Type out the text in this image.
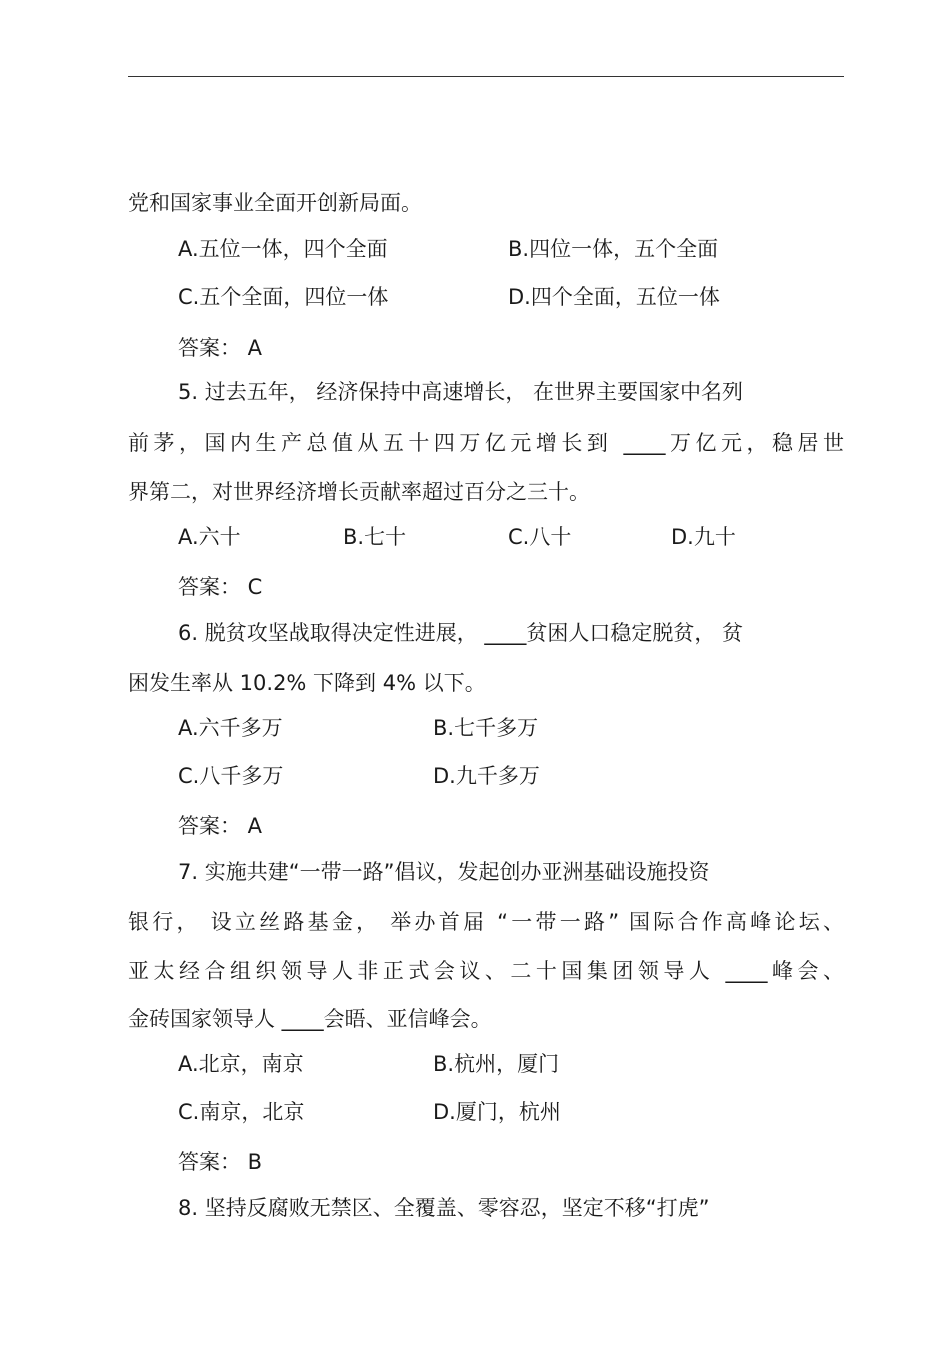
党和国家事业全面开创新局面。
A.五位一体，四个全面	B.四位一体，五个全面
C.五个全面，四位一体	D.四个全面，五位一体
答案： A
5. 过去五年， 经济保持中高速增长， 在世界主要国家中名列
前茅，国内生产总值从五十四万亿元增长到 ____万亿元，稳居世
界第二，对世界经济增长贡献率超过百分之三十。
A.六十	B.七十	C.八十	D.九十
答案： C
6. 脱贫攻坚战取得决定性进展， ____贫困人口稳定脱贫， 贫
困发生率从 10.2% 下降到 4% 以下。
A.六千多万	B.七千多万
C.八千多万	D.九千多万
答案： A
7. 实施共建“一带一路”倡议，发起创办亚洲基础设施投资
银行， 设立丝路基金， 举办首届 “一带一路” 国际合作高峰论坛、
亚太经合组织领导人非正式会议、二十国集团领导人 ____峰会、
金砖国家领导人 ____会晤、亚信峰会。
A.北京，南京	B.杭州，厦门
C.南京，北京	D.厦门，杭州
答案： B
8. 坚持反腐败无禁区、全覆盖、零容忍，坚定不移“打虎”
